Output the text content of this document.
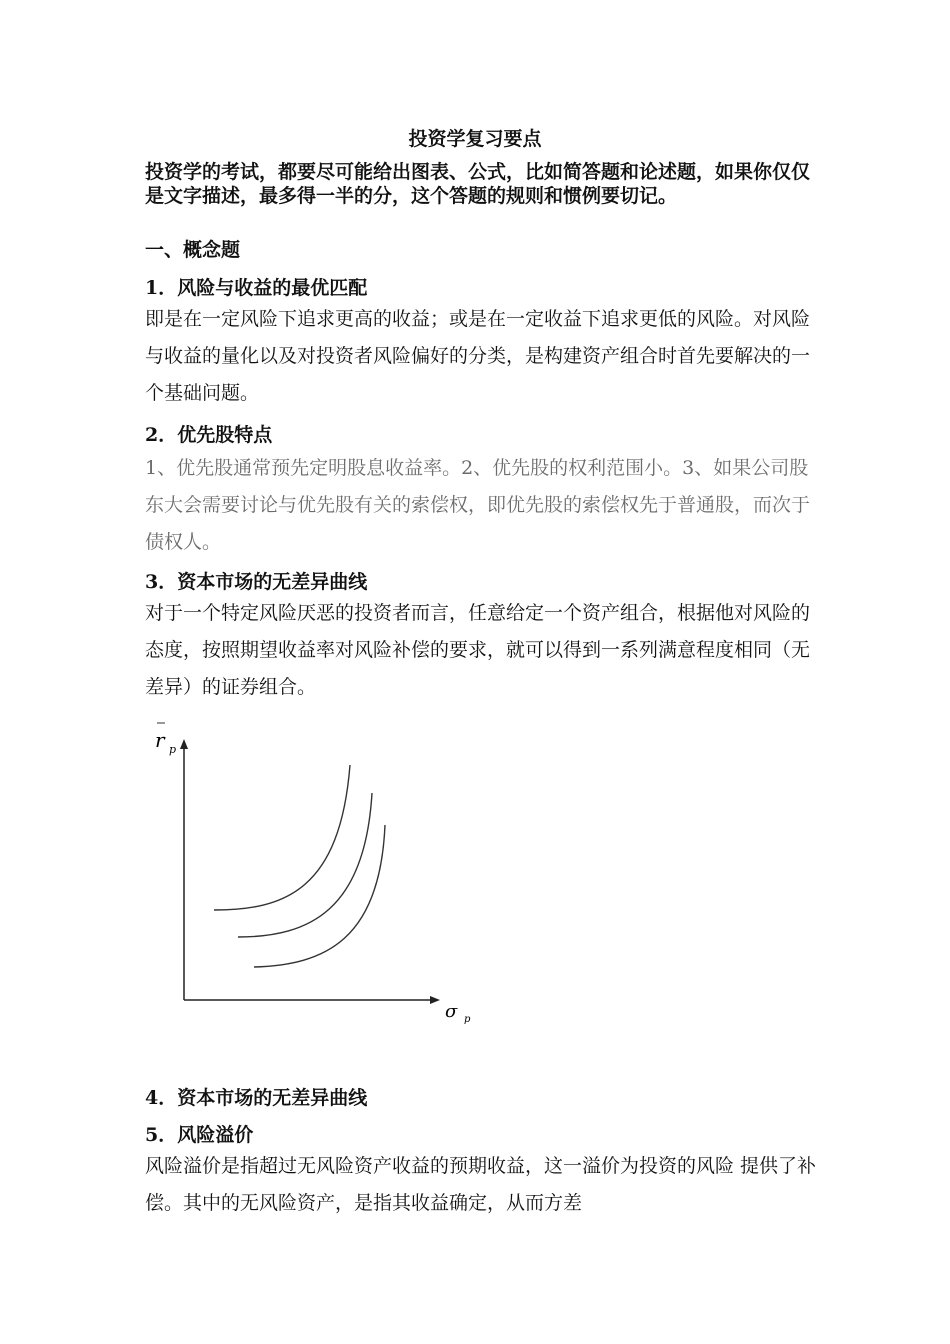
投资学复习要点
投资学的考试，都要尽可能给出图表、公式，比如简答题和论述题，如果你仅仅是文字描述，最多得一半的分，这个答题的规则和惯例要切记。
一、概念题
1．风险与收益的最优匹配
即是在一定风险下追求更高的收益；或是在一定收益下追求更低的风险。对风险与收益的量化以及对投资者风险偏好的分类，是构建资产组合时首先要解决的一个基础问题。
2．优先股特点
1、优先股通常预先定明股息收益率。2、优先股的权利范围小。3、如果公司股东大会需要讨论与优先股有关的索偿权，即优先股的索偿权先于普通股，而次于债权人。
3．资本市场的无差异曲线
对于一个特定风险厌恶的投资者而言，任意给定一个资产组合，根据他对风险的态度，按照期望收益率对风险补偿的要求，就可以得到一系列满意程度相同（无差异）的证券组合。
r p
σ p
4．资本市场的无差异曲线
5．风险溢价
风险溢价是指超过无风险资产收益的预期收益，这一溢价为投资的风险 提供了补偿。其中的无风险资产，是指其收益确定，从而方差
